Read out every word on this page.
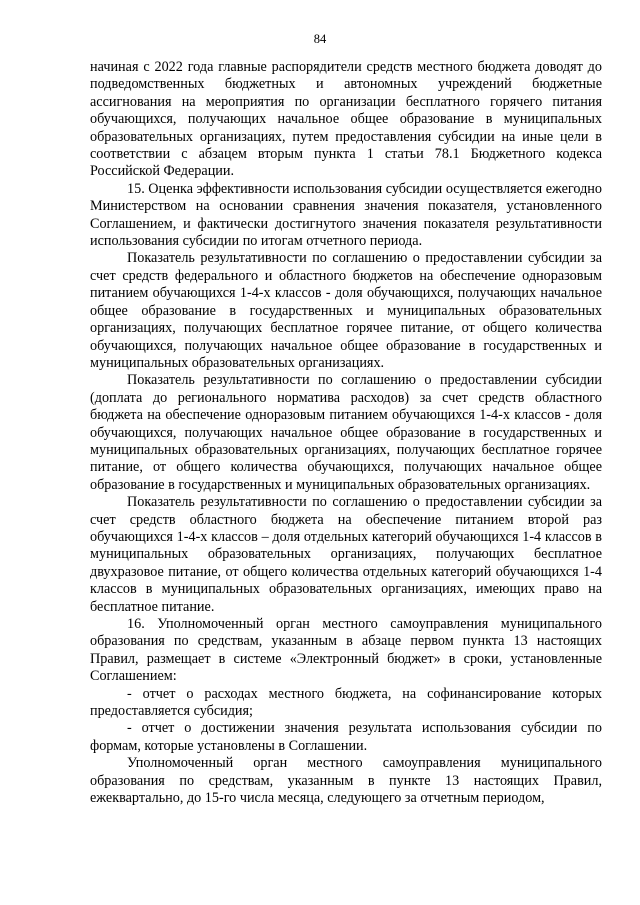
84

начиная с 2022 года главные распорядители средств местного бюджета доводят до подведомственных бюджетных и автономных учреждений бюджетные ассигнования на мероприятия по организации бесплатного горячего питания обучающихся, получающих начальное общее образование в муниципальных образовательных организациях, путем предоставления субсидии на иные цели в соответствии с абзацем вторым пункта 1 статьи 78.1 Бюджетного кодекса Российской Федерации.

15. Оценка эффективности использования субсидии осуществляется ежегодно Министерством на основании сравнения значения показателя, установленного Соглашением, и фактически достигнутого значения показателя результативности использования субсидии по итогам отчетного периода.

Показатель результативности по соглашению о предоставлении субсидии за счет средств федерального и областного бюджетов на обеспечение одноразовым питанием обучающихся 1-4-х классов - доля обучающихся, получающих начальное общее образование в государственных и муниципальных образовательных организациях, получающих бесплатное горячее питание, от общего количества обучающихся, получающих начальное общее образование в государственных и муниципальных образовательных организациях.

Показатель результативности по соглашению о предоставлении субсидии (доплата до регионального норматива расходов) за счет средств областного бюджета на обеспечение одноразовым питанием обучающихся 1-4-х классов - доля обучающихся, получающих начальное общее образование в государственных и муниципальных образовательных организациях, получающих бесплатное горячее питание, от общего количества обучающихся, получающих начальное общее образование в государственных и муниципальных образовательных организациях.

Показатель результативности по соглашению о предоставлении субсидии за счет средств областного бюджета на обеспечение питанием второй раз обучающихся 1-4-х классов – доля отдельных категорий обучающихся 1-4 классов в муниципальных образовательных организациях, получающих бесплатное двухразовое питание, от общего количества отдельных категорий обучающихся 1-4 классов в муниципальных образовательных организациях, имеющих право на бесплатное питание.

16. Уполномоченный орган местного самоуправления муниципального образования по средствам, указанным в абзаце первом пункта 13 настоящих Правил, размещает в системе «Электронный бюджет» в сроки, установленные Соглашением:

- отчет о расходах местного бюджета, на софинансирование которых предоставляется субсидия;

- отчет о достижении значения результата использования субсидии по формам, которые установлены в Соглашении.

Уполномоченный орган местного самоуправления муниципального образования по средствам, указанным в пункте 13 настоящих Правил, ежеквартально, до 15-го числа месяца, следующего за отчетным периодом,
